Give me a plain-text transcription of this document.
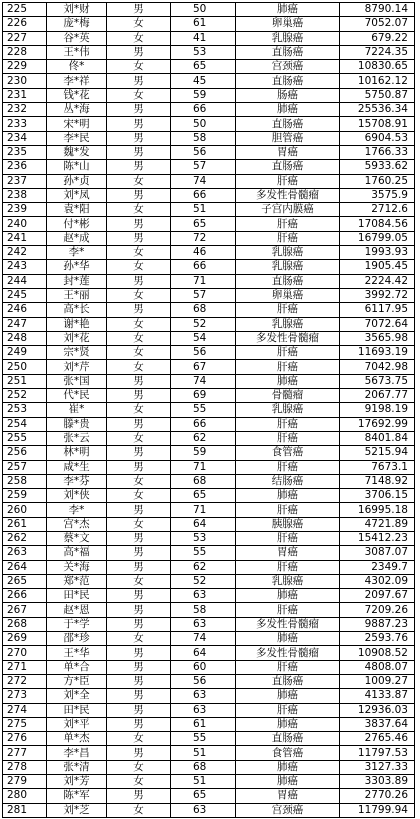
225	刘*财	男	50	肺癌	8790.14
226	庞*梅	女	61	卵巢癌	7052.07
227	谷*英	女	41	乳腺癌	679.22
228	王*伟	男	53	直肠癌	7224.35
229	佟*	女	65	宫颈癌	10830.65
230	李*祥	男	45	直肠癌	10162.12
231	钱*花	女	59	肠癌	5750.87
232	丛*海	男	66	肺癌	25536.34
233	宋*明	男	50	直肠癌	15708.91
234	李*民	男	58	胆管癌	6904.53
235	魏*发	男	56	胃癌	1766.33
236	陈*山	男	57	直肠癌	5933.62
237	孙*贞	女	74	肝癌	1760.25
238	刘*凤	男	66	多发性骨髓瘤	3575.9
239	袁*阳	女	51	子宫内膜癌	2712.6
240	付*彬	男	65	肝癌	17084.56
241	赵*成	男	72	肝癌	16799.05
242	李*	女	46	乳腺癌	1993.93
243	孙*华	女	66	乳腺癌	1905.45
244	封*莲	男	71	直肠癌	2224.42
245	王*丽	女	57	卵巢癌	3992.72
246	高*长	男	68	肝癌	6117.95
247	谢*艳	女	52	乳腺癌	7072.64
248	刘*花	女	54	多发性骨髓瘤	3565.98
249	宗*贤	女	56	肝癌	11693.19
250	刘*芹	女	67	肝癌	7042.98
251	张*国	男	74	肺癌	5673.75
252	代*民	男	69	骨髓瘤	2067.77
253	崔*	女	55	乳腺癌	9198.19
254	滕*贵	男	66	肝癌	17692.99
255	张*云	女	62	肝癌	8401.84
256	林*明	男	59	食管癌	5215.94
257	咸*生	男	71	肝癌	7673.1
258	李*芬	女	68	结肠癌	7148.92
259	刘*侠	女	65	肺癌	3706.15
260	李*	男	71	肝癌	16995.18
261	宫*杰	女	64	胰腺癌	4721.89
262	蔡*文	男	53	肝癌	15412.23
263	高*福	男	55	胃癌	3087.07
264	关*海	男	62	肝癌	2349.7
265	郑*范	女	52	乳腺癌	4302.09
266	田*民	男	63	肺癌	2097.67
267	赵*恩	男	58	肝癌	7209.26
268	于*学	男	63	多发性骨髓瘤	9887.23
269	邵*珍	女	74	肺癌	2593.76
270	王*华	男	64	多发性骨髓瘤	10908.52
271	单*合	男	60	肝癌	4808.07
272	方*臣	男	56	直肠癌	1009.27
273	刘*全	男	63	肺癌	4133.87
274	田*民	男	63	肝癌	12936.03
275	刘*平	男	61	肺癌	3837.64
276	单*杰	女	55	直肠癌	2765.46
277	李*昌	男	51	食管癌	11797.53
278	张*清	女	68	肺癌	3127.33
279	刘*芳	女	51	肺癌	3303.89
280	陈*军	男	65	胃癌	2770.26
281	刘*芝	女	63	宫颈癌	11799.94
